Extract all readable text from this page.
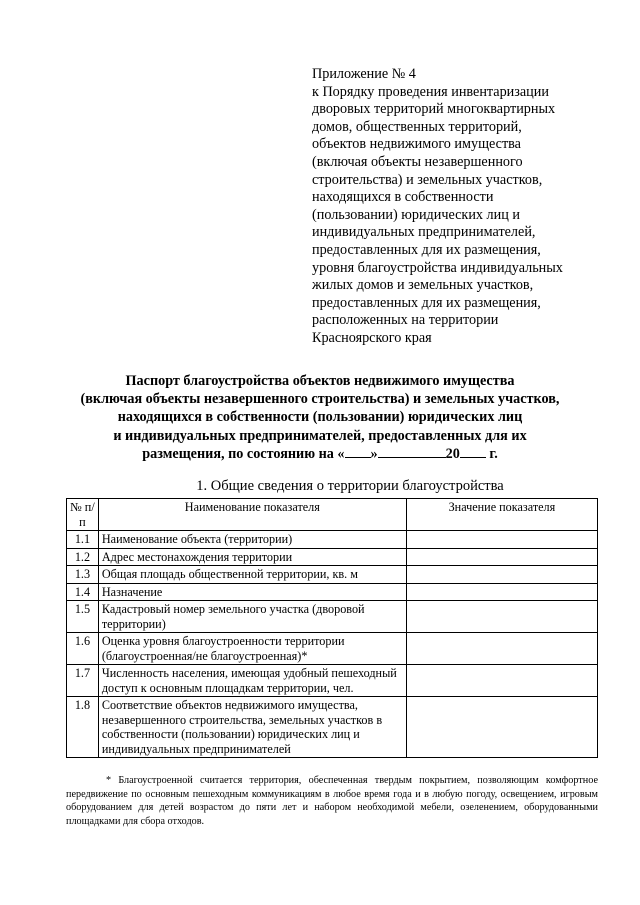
Приложение № 4
к Порядку проведения инвентаризации
дворовых территорий многоквартирных
домов, общественных территорий,
объектов недвижимого имущества
(включая объекты незавершенного
строительства) и земельных участков,
находящихся в собственности
(пользовании) юридических лиц и
индивидуальных предпринимателей,
предоставленных для их размещения,
уровня благоустройства индивидуальных
жилых домов и земельных участков,
предоставленных для их размещения,
расположенных на территории
Красноярского края
Паспорт благоустройства объектов недвижимого имущества
(включая объекты незавершенного строительства) и земельных участков,
находящихся в собственности (пользовании) юридических лиц
и индивидуальных предпринимателей, предоставленных для их
размещения, по состоянию на « »	20 г.
1. Общие сведения о территории благоустройства
№ п/п	Наименование показателя	Значение показателя
1.1	Наименование объекта (территории)	
1.2	Адрес местонахождения территории	
1.3	Общая площадь общественной территории, кв. м	
1.4	Назначение	
1.5	Кадастровый номер земельного участка (дворовой территории)	
1.6	Оценка уровня благоустроенности территории (благоустроенная/не благоустроенная)*	
1.7	Численность населения, имеющая удобный пешеходный доступ к основным площадкам территории, чел.	
1.8	Соответствие объектов недвижимого имущества, незавершенного строительства, земельных участков в собственности (пользовании) юридических лиц и индивидуальных предпринимателей	
* Благоустроенной считается территория, обеспеченная твердым покрытием, позволяющим комфортное передвижение по основным пешеходным коммуникациям в любое время года и в любую погоду, освещением, игровым оборудованием для детей возрастом до пяти лет и набором необходимой мебели, озеленением, оборудованными площадками для сбора отходов.
